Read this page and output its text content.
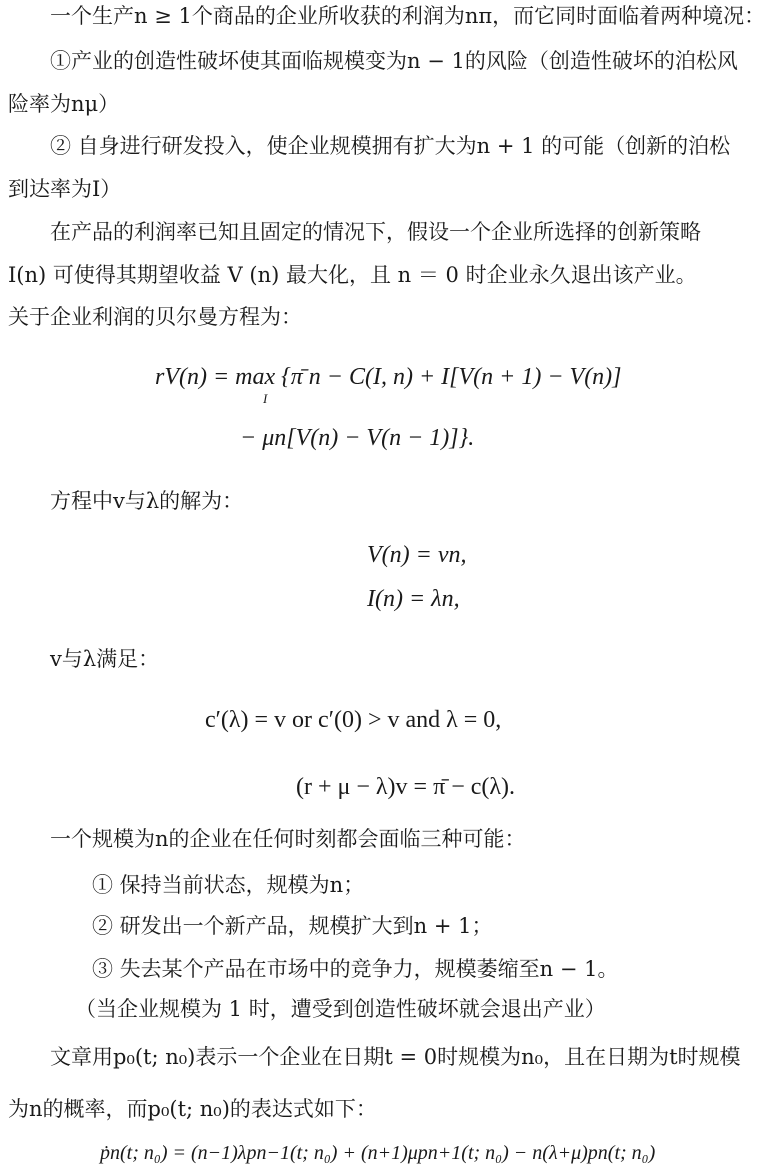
一个生产n ≥ 1个商品的企业所收获的利润为nπ，而它同时面临着两种境况：
①产业的创造性破坏使其面临规模变为n − 1的风险（创造性破坏的泊松风
险率为nμ）
② 自身进行研发投入，使企业规模拥有扩大为n + 1 的可能（创新的泊松
到达率为I）
在产品的利润率已知且固定的情况下，假设一个企业所选择的创新策略
I(n) 可使得其期望收益 V (n) 最大化，且 n ＝ 0 时企业永久退出该产业。
关于企业利润的贝尔曼方程为：
rV(n) = max {π̄ n − C(I, n) + I[V(n + 1) − V(n)]
I
− μn[V(n) − V(n − 1)]}.
方程中v与λ的解为：
V(n) = vn,
I(n) = λn,
v与λ满足：
c′(λ) = v or c′(0) > v and λ = 0,
(r + μ − λ)v = π̄ − c(λ).
一个规模为n的企业在任何时刻都会面临三种可能：
① 保持当前状态，规模为n；
② 研发出一个新产品，规模扩大到n + 1；
③ 失去某个产品在市场中的竞争力，规模萎缩至n − 1。
（当企业规模为 1 时，遭受到创造性破坏就会退出产业）
文章用p₀(t; n₀)表示一个企业在日期t = 0时规模为n₀，且在日期为t时规模
为n的概率，而p₀(t; n₀)的表达式如下：
ṗn(t; n₀) = (n−1)λpn−1(t; n₀) + (n+1)μpn+1(t; n₀) − n(λ+μ)pn(t; n₀)
